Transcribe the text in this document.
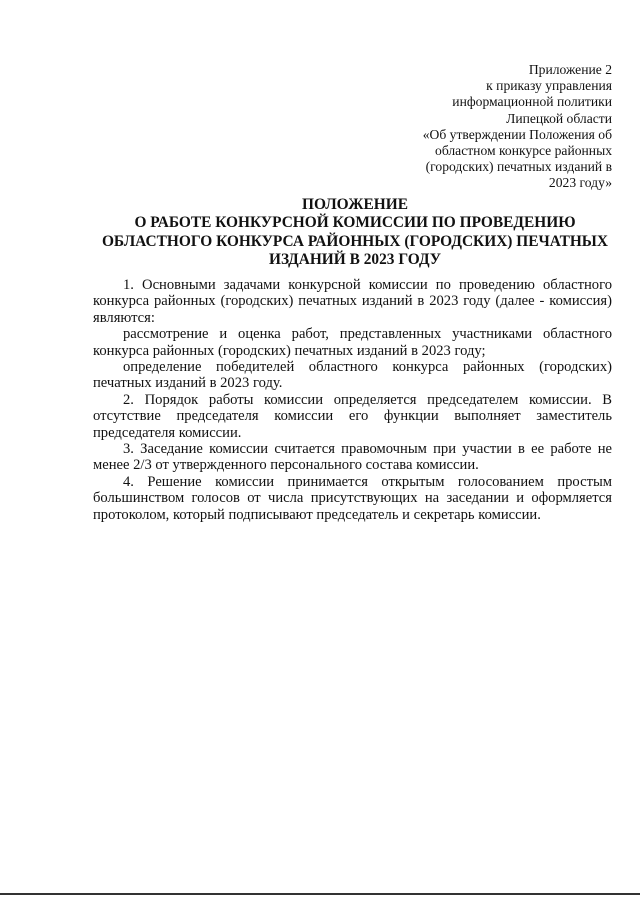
Приложение 2
к приказу управления
информационной политики
Липецкой области
«Об утверждении Положения об
областном конкурсе районных
(городских) печатных изданий в
2023 году»
ПОЛОЖЕНИЕ
О РАБОТЕ КОНКУРСНОЙ КОМИССИИ ПО ПРОВЕДЕНИЮ
ОБЛАСТНОГО КОНКУРСА РАЙОННЫХ (ГОРОДСКИХ) ПЕЧАТНЫХ
ИЗДАНИЙ В 2023 ГОДУ

1. Основными задачами конкурсной комиссии по проведению областного конкурса районных (городских) печатных изданий в 2023 году (далее - комиссия) являются:

рассмотрение и оценка работ, представленных участниками областного конкурса районных (городских) печатных изданий в 2023 году;

определение победителей областного конкурса районных (городских) печатных изданий в 2023 году.

2. Порядок работы комиссии определяется председателем комиссии. В отсутствие председателя комиссии его функции выполняет заместитель председателя комиссии.

3. Заседание комиссии считается правомочным при участии в ее работе не менее 2/3 от утвержденного персонального состава комиссии.

4. Решение комиссии принимается открытым голосованием простым большинством голосов от числа присутствующих на заседании и оформляется протоколом, который подписывают председатель и секретарь комиссии.
